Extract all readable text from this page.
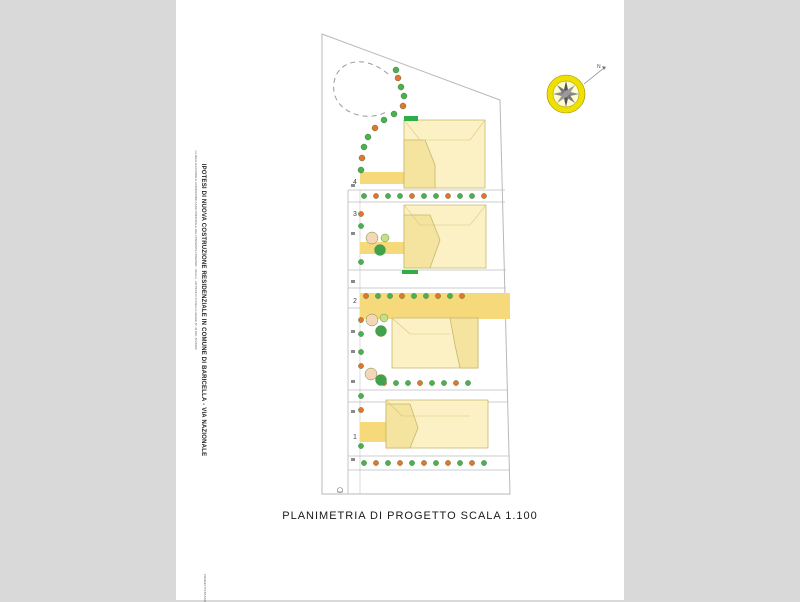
4
3
2
1
N
LA REALIZZAZIONE E CONDIZIONE ASSE PRINCIPALE DEL PRESENTE DISEGNO - SCALA - ARTICOLO 13 DELLA LEGGE N°.46 DEL 5/3/1990 IPOTESI DI NUOVA COSTRUZIONE RESIDENZIALE IN COMUNE DI BARICELLA - VIA NAZIONALE
PROGETTO BASSO
PLANIMETRIA DI PROGETTO SCALA 1.100
